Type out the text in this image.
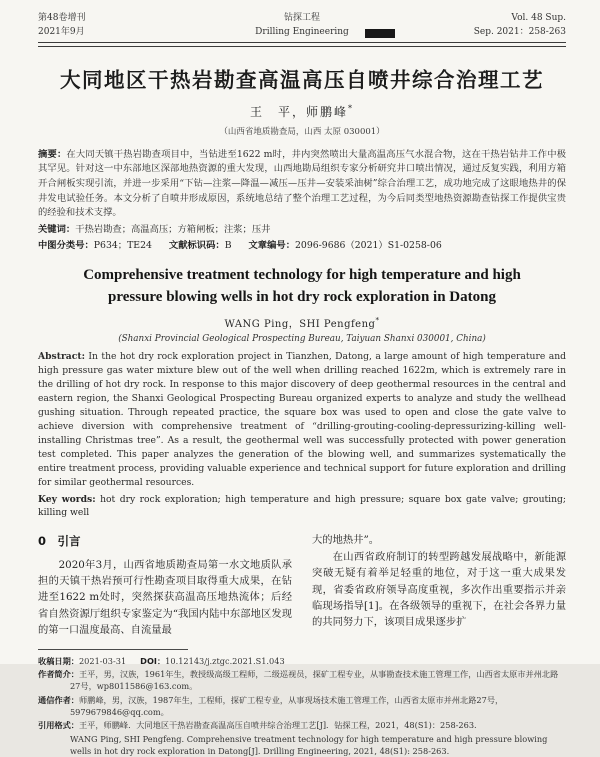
第48卷增刊
2021年9月
钻探工程
Drilling Engineering
Vol. 48 Sup.
Sep. 2021：258-263
大同地区干热岩勘查高温高压自喷井综合治理工艺
王　平，师鹏峰*
（山西省地质勘查局，山西 太原 030001）
摘要：在大同天镇干热岩勘查项目中，当钻进至1622 m时，井内突然喷出大量高温高压气水混合物，这在干热岩钻井工作中极其罕见。针对这一中东部地区深部地热资源的重大发现，山西地勘局组织专家分析研究井口喷出情况，通过反复实践，利用方箱开合闸板实现引流，并进一步采用“下钻—注浆—降温—减压—压井—安装采油树”综合治理工艺，成功地完成了这眼地热井的保井发电试验任务。本文分析了自喷井形成原因，系统地总结了整个治理工艺过程，为今后同类型地热资源勘查钻探工作提供宝贵的经验和技术支撑。
关键词：干热岩勘查；高温高压；方箱闸板；注浆；压井
中图分类号：P634；TE24 文献标识码：B 文章编号：2096-9686（2021）S1-0258-06
Comprehensive treatment technology for high temperature and high pressure blowing wells in hot dry rock exploration in Datong
WANG Ping，SHI Pengfeng*
(Shanxi Provincial Geological Prospecting Bureau, Taiyuan Shanxi 030001, China)
Abstract: In the hot dry rock exploration project in Tianzhen, Datong, a large amount of high temperature and high pressure gas water mixture blew out of the well when drilling reached 1622m, which is extremely rare in the drilling of hot dry rock. In response to this major discovery of deep geothermal resources in the central and eastern region, the Shanxi Geological Prospecting Bureau organized experts to analyze and study the wellhead gushing situation. Through repeated practice, the square box was used to open and close the gate valve to achieve diversion with comprehensive treatment of “drilling-grouting-cooling-depressurizing-killing well-installing Christmas tree”. As a result, the geothermal well was successfully protected with power generation test completed. This paper analyzes the generation of the blowing well, and summarizes systematically the entire treatment process, providing valuable experience and technical support for future exploration and drilling for similar geothermal resources.
Key words: hot dry rock exploration; high temperature and high pressure; square box gate valve; grouting; killing well
0　引言

2020年3月，山西省地质勘查局第一水文地质队承担的天镇干热岩预可行性勘查项目取得重大成果，在钻进至1622 m处时，突然探获高温高压地热流体；后经省自然资源厅组织专家鉴定为“我国内陆中东部地区发现的第一口温度最高、自流量最

大的地热井”。

在山西省政府制订的转型跨越发展战略中，新能源突破无疑有着举足轻重的地位，对于这一重大成果发现，省委省政府领导高度重视，多次作出重要指示并亲临现场指导[1]。在各级领导的重视下，在社会各界力量的共同努力下，该项目成果逐步扩

收稿日期：2021-03-31 DOI：10.12143/j.ztgc.2021.S1.043
作者简介：王平，男，汉族，1961年生，教授级高级工程师，二级巡视员，探矿工程专业，从事勘查技术施工管理工作，山西省太原市并州北路27号，wp8011586@163.com。
通信作者：师鹏峰，男，汉族，1987年生，工程师，探矿工程专业，从事现场技术施工管理工作，山西省太原市并州北路27号，5979679846@qq.com。
引用格式：王平，师鹏峰．大同地区干热岩勘查高温高压自喷井综合治理工艺[J]．钻探工程，2021，48(S1)：258-263.
WANG Ping, SHI Pengfeng. Comprehensive treatment technology for high temperature and high pressure blowing wells in hot dry rock exploration in Datong[J]. Drilling Engineering, 2021, 48(S1): 258-263.
